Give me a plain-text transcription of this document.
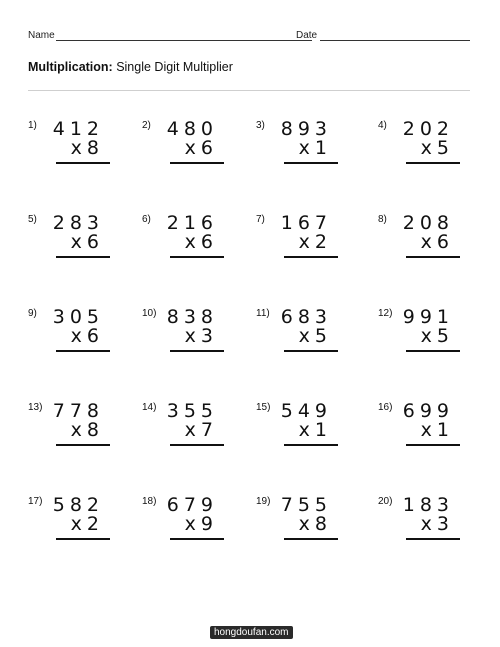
Name	Date
Multiplication: Single Digit Multiplier
1) 412
x8
2) 480
x6
3) 893
x1
4) 202
x5
5) 283
x6
6) 216
x6
7) 167
x2
8) 208
x6
9) 305
x6
10) 838
x3
11) 683
x5
12) 991
x5
13) 778
x8
14) 355
x7
15) 549
x1
16) 699
x1
17) 582
x2
18) 679
x9
19) 755
x8
20) 183
x3
hongdoufan.com
